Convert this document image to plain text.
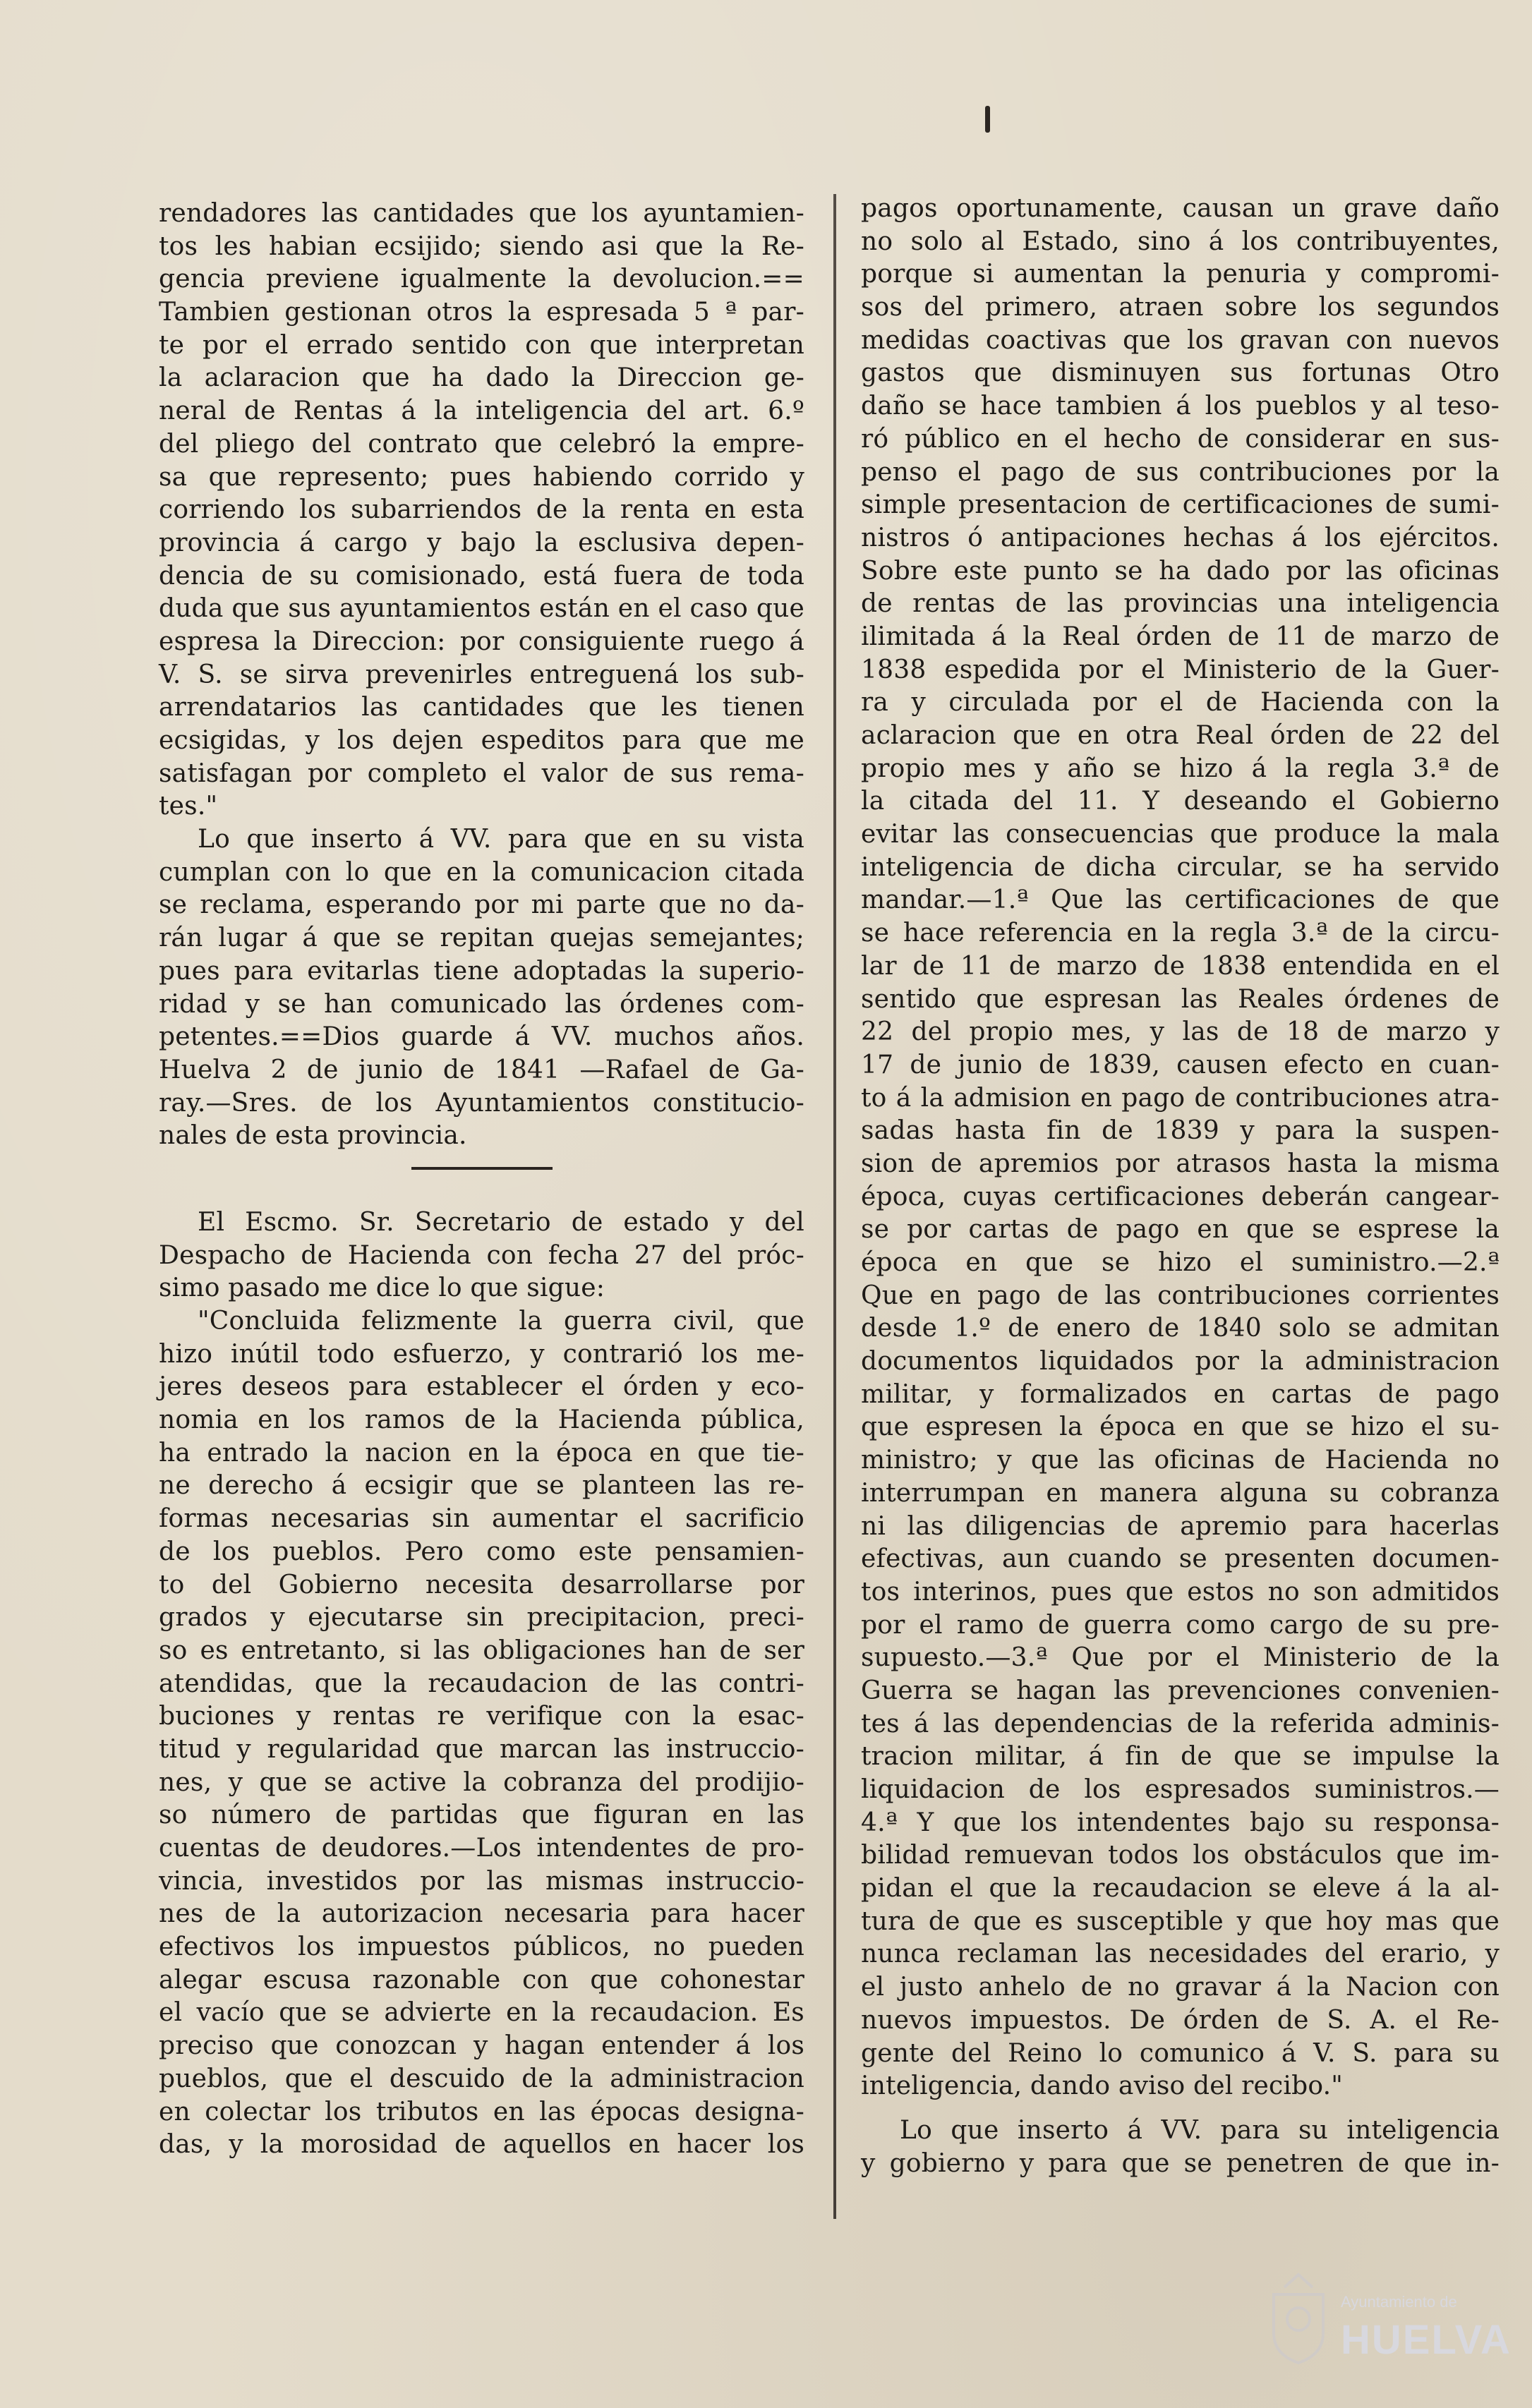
rendadores las cantidades que los ayuntamien-
tos les habian ecsijido; siendo asi que la Re-
gencia previene igualmente la devolucion.==
Tambien gestionan otros la espresada 5 ª par-
te por el errado sentido con que interpretan
la aclaracion que ha dado la Direccion ge-
neral de Rentas á la inteligencia del art. 6.º
del pliego del contrato que celebró la empre-
sa que represento; pues habiendo corrido y
corriendo los subarriendos de la renta en esta
provincia á cargo y bajo la esclusiva depen-
dencia de su comisionado, está fuera de toda
duda que sus ayuntamientos están en el caso que
espresa la Direccion: por consiguiente ruego á
V. S. se sirva prevenirles entreguená los sub-
arrendatarios las cantidades que les tienen
ecsigidas, y los dejen espeditos para que me
satisfagan por completo el valor de sus rema-
tes."
Lo que inserto á VV. para que en su vista
cumplan con lo que en la comunicacion citada
se reclama, esperando por mi parte que no da-
rán lugar á que se repitan quejas semejantes;
pues para evitarlas tiene adoptadas la superio-
ridad y se han comunicado las órdenes com-
petentes.==Dios guarde á VV. muchos años.
Huelva 2 de junio de 1841 —Rafael de Ga-
ray.—Sres. de los Ayuntamientos constitucio-
nales de esta provincia.
El Escmo. Sr. Secretario de estado y del
Despacho de Hacienda con fecha 27 del próc-
simo pasado me dice lo que sigue:
"Concluida felizmente la guerra civil, que
hizo inútil todo esfuerzo, y contrarió los me-
jeres deseos para establecer el órden y eco-
nomia en los ramos de la Hacienda pública,
ha entrado la nacion en la época en que tie-
ne derecho á ecsigir que se planteen las re-
formas necesarias sin aumentar el sacrificio
de los pueblos. Pero como este pensamien-
to del Gobierno necesita desarrollarse por
grados y ejecutarse sin precipitacion, preci-
so es entretanto, si las obligaciones han de ser
atendidas, que la recaudacion de las contri-
buciones y rentas re verifique con la esac-
titud y regularidad que marcan las instruccio-
nes, y que se active la cobranza del prodijio-
so número de partidas que figuran en las
cuentas de deudores.—Los intendentes de pro-
vincia, investidos por las mismas instruccio-
nes de la autorizacion necesaria para hacer
efectivos los impuestos públicos, no pueden
alegar escusa razonable con que cohonestar
el vacío que se advierte en la recaudacion. Es
preciso que conozcan y hagan entender á los
pueblos, que el descuido de la administracion
en colectar los tributos en las épocas designa-
das, y la morosidad de aquellos en hacer los
pagos oportunamente, causan un grave daño
no solo al Estado, sino á los contribuyentes,
porque si aumentan la penuria y compromi-
sos del primero, atraen sobre los segundos
medidas coactivas que los gravan con nuevos
gastos que disminuyen sus fortunas Otro
daño se hace tambien á los pueblos y al teso-
ró público en el hecho de considerar en sus-
penso el pago de sus contribuciones por la
simple presentacion de certificaciones de sumi-
nistros ó antipaciones hechas á los ejércitos.
Sobre este punto se ha dado por las oficinas
de rentas de las provincias una inteligencia
ilimitada á la Real órden de 11 de marzo de
1838 espedida por el Ministerio de la Guer-
ra y circulada por el de Hacienda con la
aclaracion que en otra Real órden de 22 del
propio mes y año se hizo á la regla 3.ª de
la citada del 11. Y deseando el Gobierno
evitar las consecuencias que produce la mala
inteligencia de dicha circular, se ha servido
mandar.—1.ª Que las certificaciones de que
se hace referencia en la regla 3.ª de la circu-
lar de 11 de marzo de 1838 entendida en el
sentido que espresan las Reales órdenes de
22 del propio mes, y las de 18 de marzo y
17 de junio de 1839, causen efecto en cuan-
to á la admision en pago de contribuciones atra-
sadas hasta fin de 1839 y para la suspen-
sion de apremios por atrasos hasta la misma
época, cuyas certificaciones deberán cangear-
se por cartas de pago en que se esprese la
época en que se hizo el suministro.—2.ª
Que en pago de las contribuciones corrientes
desde 1.º de enero de 1840 solo se admitan
documentos liquidados por la administracion
militar, y formalizados en cartas de pago
que espresen la época en que se hizo el su-
ministro; y que las oficinas de Hacienda no
interrumpan en manera alguna su cobranza
ni las diligencias de apremio para hacerlas
efectivas, aun cuando se presenten documen-
tos interinos, pues que estos no son admitidos
por el ramo de guerra como cargo de su pre-
supuesto.—3.ª Que por el Ministerio de la
Guerra se hagan las prevenciones convenien-
tes á las dependencias de la referida adminis-
tracion militar, á fin de que se impulse la
liquidacion de los espresados suministros.—
4.ª Y que los intendentes bajo su responsa-
bilidad remuevan todos los obstáculos que im-
pidan el que la recaudacion se eleve á la al-
tura de que es susceptible y que hoy mas que
nunca reclaman las necesidades del erario, y
el justo anhelo de no gravar á la Nacion con
nuevos impuestos. De órden de S. A. el Re-
gente del Reino lo comunico á V. S. para su
inteligencia, dando aviso del recibo."
Lo que inserto á VV. para su inteligencia
y gobierno y para que se penetren de que in-
Ayuntamiento de
HUELVA
